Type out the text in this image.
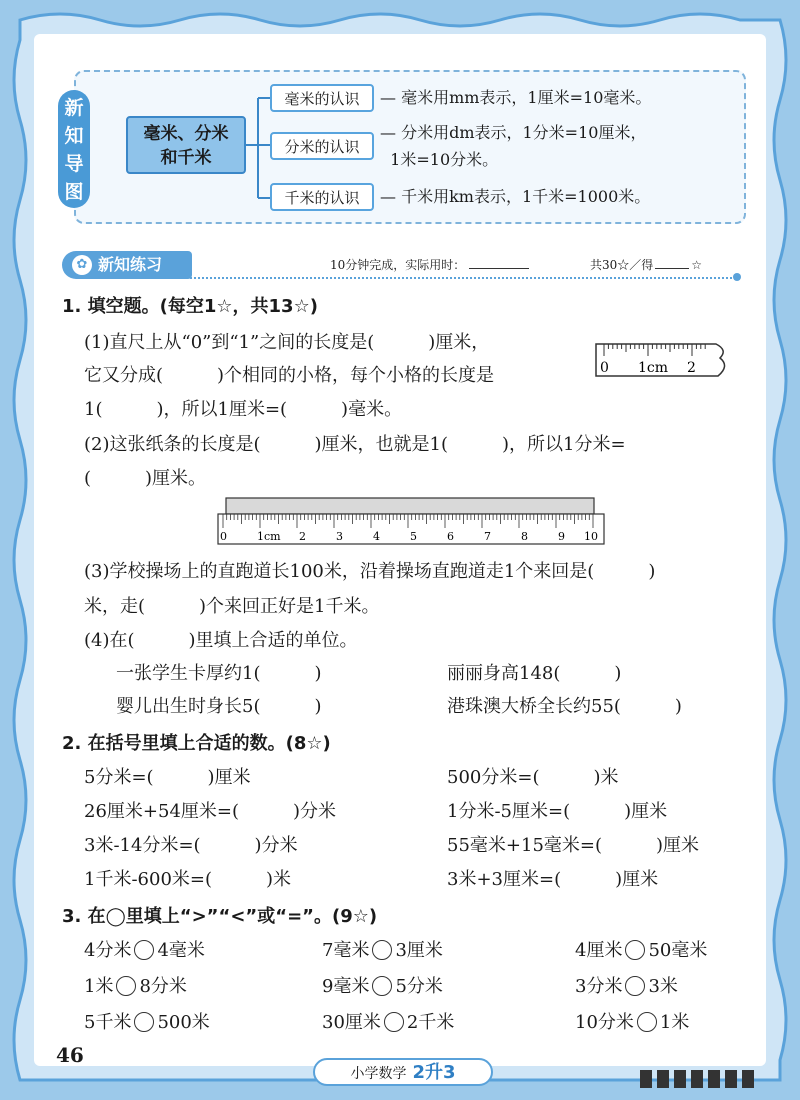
新
知
导
图
毫米、分米
和千米
毫米的认识	— 毫米用mm表示，1厘米=10毫米。
分米的认识
— 分米用dm表示，1分米=10厘米，
1米=10分米。
千米的认识	— 千米用km表示，1千米=1000米。
✿ 新知练习	10分钟完成，实际用时：	共30☆／得	☆
1. 填空题。(每空1☆，共13☆)
(1)直尺上从“0”到“1”之间的长度是(　　　)厘米，
它又分成(　　　)个相同的小格，每个小格的长度是
1(　　　)，所以1厘米=(　　　)毫米。
0 1cm 2
(2)这张纸条的长度是(　　　)厘米，也就是1(　　　)，所以1分米=
(　　　)厘米。
0	1cm 2	3	4	5	6	7	8	9 10
(3)学校操场上的直跑道长100米，沿着操场直跑道走1个来回是(　　　)
米，走(　　　)个来回正好是1千米。
(4)在(　　　)里填上合适的单位。
一张学生卡厚约1(　　　)	丽丽身高148(　　　)
婴儿出生时身长5(　　　)	港珠澳大桥全长约55(　　　)
2. 在括号里填上合适的数。(8☆)
5分米=(　　　)厘米	500分米=(　　　)米
26厘米+54厘米=(　　　)分米	1分米-5厘米=(　　　)厘米
3米-14分米=(　　　)分米	55毫米+15毫米=(　　　)厘米
1千米-600米=(　　　)米	3米+3厘米=(　　　)厘米
3. 在◯里填上“>”“<”或“=”。(9☆)
4分米 4毫米	7毫米 3厘米	4厘米 50毫米
1米 8分米	9毫米 5分米	3分米 3米
5千米 500米	30厘米 2千米	10分米 1米
46
小学数学 2升3
